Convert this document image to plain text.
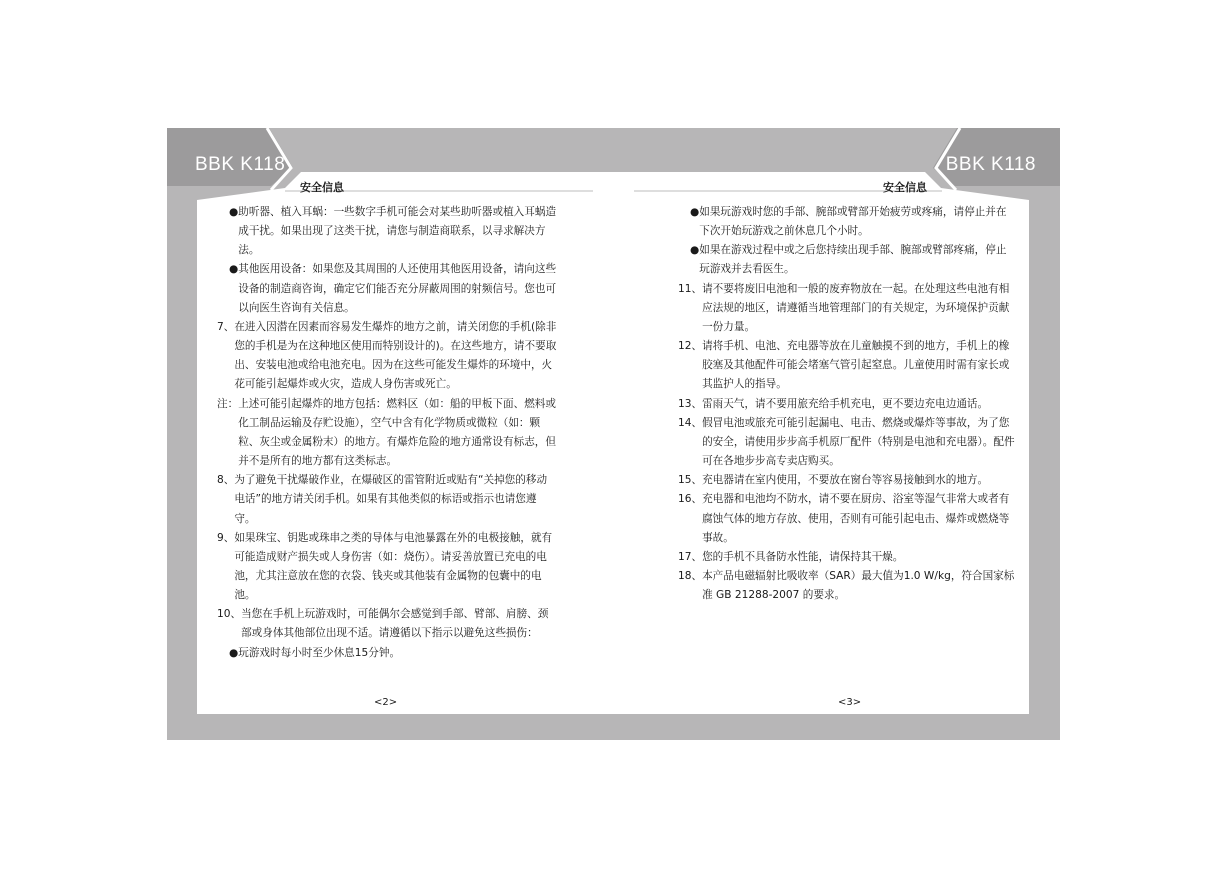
BBK K118	BBK K118
安全信息	安全信息
● 助听器、植入耳蜗：一些数字手机可能会对某些助听器或植入耳蜗造成干扰。如果出现了这类干扰，请您与制造商联系，以寻求解决方法。
● 其他医用设备：如果您及其周围的人还使用其他医用设备，请向这些设备的制造商咨询，确定它们能否充分屏蔽周围的射频信号。您也可以向医生咨询有关信息。
7、 在进入因潜在因素而容易发生爆炸的地方之前，请关闭您的手机(除非您的手机是为在这种地区使用而特别设计的)。在这些地方，请不要取出、安装电池或给电池充电。因为在这些可能发生爆炸的环境中，火花可能引起爆炸或火灾，造成人身伤害或死亡。
注： 上述可能引起爆炸的地方包括：燃料区（如：船的甲板下面、燃料或化工制品运输及存贮设施），空气中含有化学物质或微粒（如：颗粒、灰尘或金属粉末）的地方。有爆炸危险的地方通常设有标志，但并不是所有的地方都有这类标志。
8、 为了避免干扰爆破作业，在爆破区的雷管附近或贴有“关掉您的移动电话”的地方请关闭手机。如果有其他类似的标语或指示也请您遵守。
9、 如果珠宝、钥匙或珠串之类的导体与电池暴露在外的电极接触，就有可能造成财产损失或人身伤害（如：烧伤）。请妥善放置已充电的电池，尤其注意放在您的衣袋、钱夹或其他装有金属物的包囊中的电池。
10、 当您在手机上玩游戏时，可能偶尔会感觉到手部、臂部、肩膀、颈部或身体其他部位出现不适。请遵循以下指示以避免这些损伤：
● 玩游戏时每小时至少休息15分钟。
● 如果玩游戏时您的手部、腕部或臂部开始疲劳或疼痛，请停止并在下次开始玩游戏之前休息几个小时。
● 如果在游戏过程中或之后您持续出现手部、腕部或臂部疼痛，停止玩游戏并去看医生。
11、 请不要将废旧电池和一般的废弃物放在一起。在处理这些电池有相应法规的地区，请遵循当地管理部门的有关规定，为环境保护贡献一份力量。
12、 请将手机、电池、充电器等放在儿童触摸不到的地方，手机上的橡胶塞及其他配件可能会堵塞气管引起窒息。儿童使用时需有家长或其监护人的指导。
13、 雷雨天气，请不要用旅充给手机充电，更不要边充电边通话。
14、 假冒电池或旅充可能引起漏电、电击、燃烧或爆炸等事故，为了您的安全，请使用步步高手机原厂配件（特别是电池和充电器）。配件可在各地步步高专卖店购买。
15、 充电器请在室内使用，不要放在窗台等容易接触到水的地方。
16、 充电器和电池均不防水，请不要在厨房、浴室等湿气非常大或者有腐蚀气体的地方存放、使用，否则有可能引起电击、爆炸或燃烧等事故。
17、 您的手机不具备防水性能，请保持其干燥。
18、 本产品电磁辐射比吸收率（SAR）最大值为1.0 W/kg，符合国家标准 GB 21288-2007 的要求。
<2>	<3>
